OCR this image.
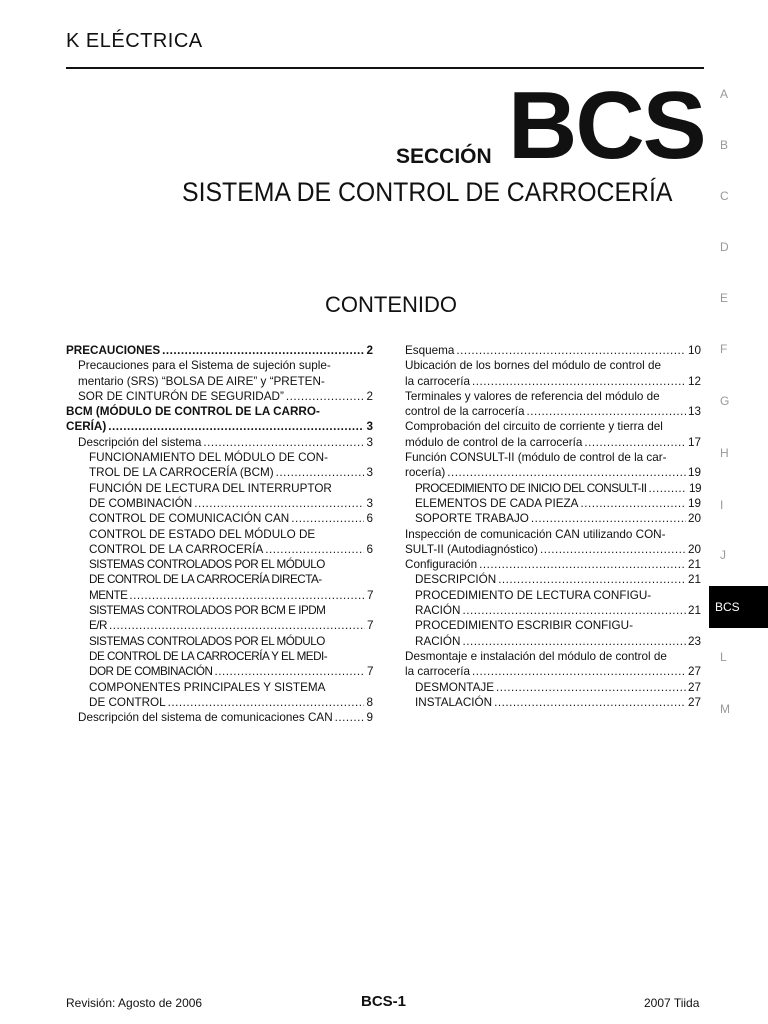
K ELÉCTRICA
SECCIÓN BCS
SISTEMA DE CONTROL DE CARROCERÍA
CONTENIDO
A
B
C
D
E
F
G
H
I
J
L
M
BCS
PRECAUCIONES .....	2
Precauciones para el Sistema de sujeción suple-
mentario (SRS) “BOLSA DE AIRE” y “PRETEN-
SOR DE CINTURÓN DE SEGURIDAD” .....	2
BCM (MÓDULO DE CONTROL DE LA CARRO-
CERÍA) .....	3
Descripción del sistema .....	3
FUNCIONAMIENTO DEL MÓDULO DE CON-
TROL DE LA CARROCERÍA (BCM) .....	3
FUNCIÓN DE LECTURA DEL INTERRUPTOR
DE COMBINACIÓN .....	3
CONTROL DE COMUNICACIÓN CAN .....	6
CONTROL DE ESTADO DEL MÓDULO DE
CONTROL DE LA CARROCERÍA .....	6
SISTEMAS CONTROLADOS POR EL MÓDULO
DE CONTROL DE LA CARROCERÍA DIRECTA-
MENTE .....	7
SISTEMAS CONTROLADOS POR BCM E IPDM
E/R .....	7
SISTEMAS CONTROLADOS POR EL MÓDULO
DE CONTROL DE LA CARROCERÍA Y EL MEDI-
DOR DE COMBINACIÓN .....	7
COMPONENTES PRINCIPALES Y SISTEMA
DE CONTROL .....	8
Descripción del sistema de comunicaciones CAN .....	9
Esquema .....	10
Ubicación de los bornes del módulo de control de
la carrocería .....	12
Terminales y valores de referencia del módulo de
control de la carrocería .....	13
Comprobación del circuito de corriente y tierra del
módulo de control de la carrocería .....	17
Función CONSULT-II (módulo de control de la car-
rocería) .....	19
PROCEDIMIENTO DE INICIO DEL CONSULT-II .....	19
ELEMENTOS DE CADA PIEZA .....	19
SOPORTE TRABAJO .....	20
Inspección de comunicación CAN utilizando CON-
SULT-II (Autodiagnóstico) .....	20
Configuración .....	21
DESCRIPCIÓN .....	21
PROCEDIMIENTO DE LECTURA CONFIGU-
RACIÓN .....	21
PROCEDIMIENTO ESCRIBIR CONFIGU-
RACIÓN .....	23
Desmontaje e instalación del módulo de control de
la carrocería .....	27
DESMONTAJE .....	27
INSTALACIÓN .....	27
Revisión: Agosto de 2006	BCS-1	2007 Tiida
